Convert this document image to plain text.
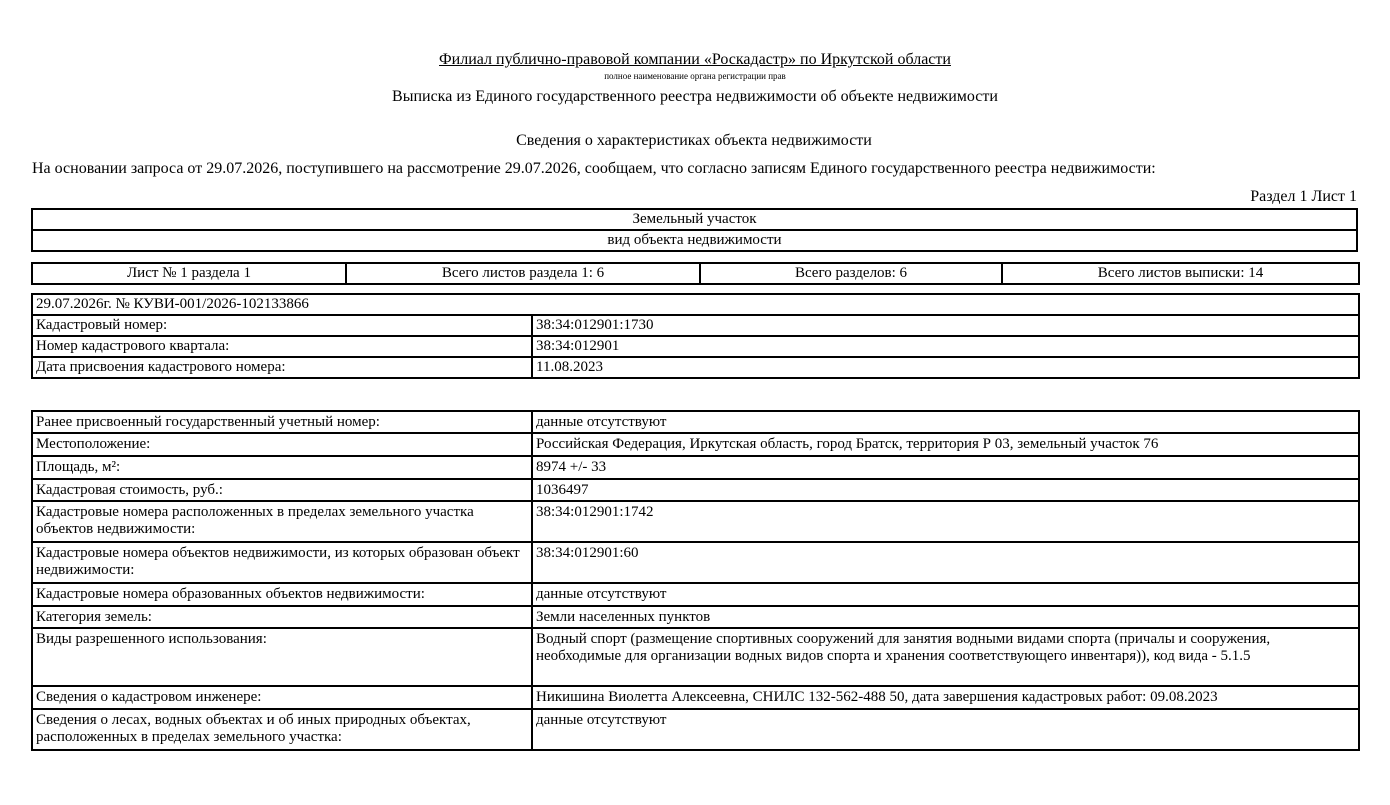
Филиал публично-правовой компании «Роскадастр» по Иркутской области
полное наименование органа регистрации прав
Выписка из Единого государственного реестра недвижимости об объекте недвижимости
Сведения о характеристиках объекта недвижимости
На основании запроса от 29.07.2026, поступившего на рассмотрение 29.07.2026, сообщаем, что согласно записям Единого государственного реестра недвижимости:
Раздел 1 Лист 1
Земельный участок
вид объекта недвижимости
Лист № 1 раздела 1	Всего листов раздела 1: 6	Всего разделов: 6	Всего листов выписки: 14
29.07.2026г. № КУВИ-001/2026-102133866	
Кадастровый номер:	38:34:012901:1730
Номер кадастрового квартала:	38:34:012901
Дата присвоения кадастрового номера:	11.08.2023
Ранее присвоенный государственный учетный номер:	данные отсутствуют
Местоположение:	Российская Федерация, Иркутская область, город Братск, территория Р 03, земельный участок 76
Площадь, м²:	8974 +/- 33
Кадастровая стоимость, руб.:	1036497
Кадастровые номера расположенных в пределах земельного участка объектов недвижимости:	38:34:012901:1742
Кадастровые номера объектов недвижимости, из которых образован объект недвижимости:	38:34:012901:60
Кадастровые номера образованных объектов недвижимости:	данные отсутствуют
Категория земель:	Земли населенных пунктов
Виды разрешенного использования:	Водный спорт (размещение спортивных сооружений для занятия водными видами спорта (причалы и сооружения, необходимые для организации водных видов спорта и хранения соответствующего инвентаря)), код вида - 5.1.5
Сведения о кадастровом инженере:	Никишина Виолетта Алексеевна, СНИЛС 132-562-488 50, дата завершения кадастровых работ: 09.08.2023
Сведения о лесах, водных объектах и об иных природных объектах, расположенных в пределах земельного участка:	данные отсутствуют
